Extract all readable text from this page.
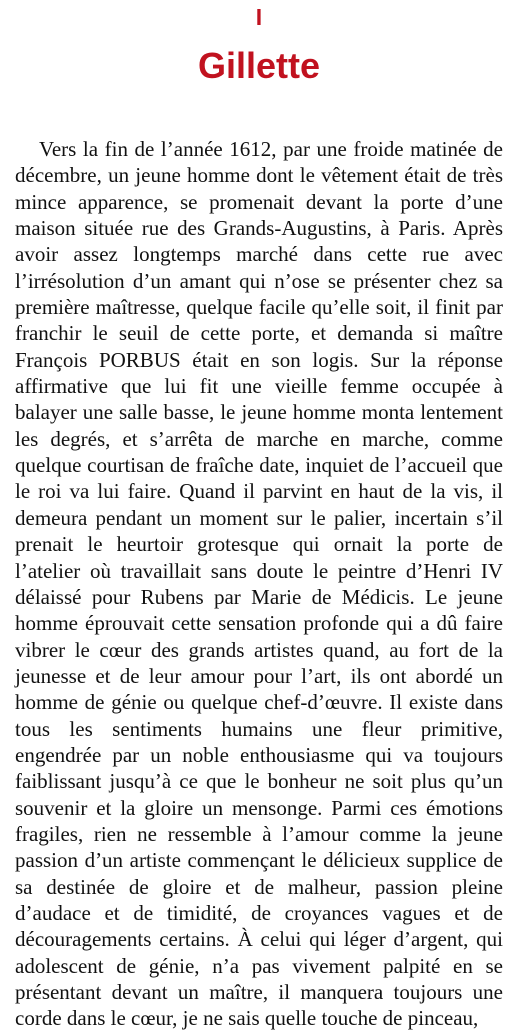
I
Gillette

Vers la fin de l’année 1612, par une froide matinée de décembre, un jeune homme dont le vêtement était de très mince apparence, se promenait devant la porte d’une maison située rue des Grands-Augustins, à Paris. Après avoir assez longtemps marché dans cette rue avec l’irrésolution d’un amant qui n’ose se présenter chez sa première maîtresse, quelque facile qu’elle soit, il finit par franchir le seuil de cette porte, et demanda si maître François PORBUS était en son logis. Sur la réponse affirmative que lui fit une vieille femme occupée à balayer une salle basse, le jeune homme monta lentement les degrés, et s’arrêta de marche en marche, comme quelque courtisan de fraîche date, inquiet de l’accueil que le roi va lui faire. Quand il parvint en haut de la vis, il demeura pendant un moment sur le palier, incertain s’il prenait le heurtoir grotesque qui ornait la porte de l’atelier où travaillait sans doute le peintre d’Henri IV délaissé pour Rubens par Marie de Médicis. Le jeune homme éprouvait cette sensation profonde qui a dû faire vibrer le cœur des grands artistes quand, au fort de la jeunesse et de leur amour pour l’art, ils ont abordé un homme de génie ou quelque chef-d’œuvre. Il existe dans tous les sentiments humains une fleur primitive, engendrée par un noble enthousiasme qui va toujours faiblissant jusqu’à ce que le bonheur ne soit plus qu’un souvenir et la gloire un mensonge. Parmi ces émotions fragiles, rien ne ressemble à l’amour comme la jeune passion d’un artiste commençant le délicieux supplice de sa destinée de gloire et de malheur, passion pleine d’audace et de timidité, de croyances vagues et de découragements certains. À celui qui léger d’argent, qui adolescent de génie, n’a pas vivement palpité en se présentant devant un maître, il manquera toujours une corde dans le cœur, je ne sais quelle touche de pinceau,
